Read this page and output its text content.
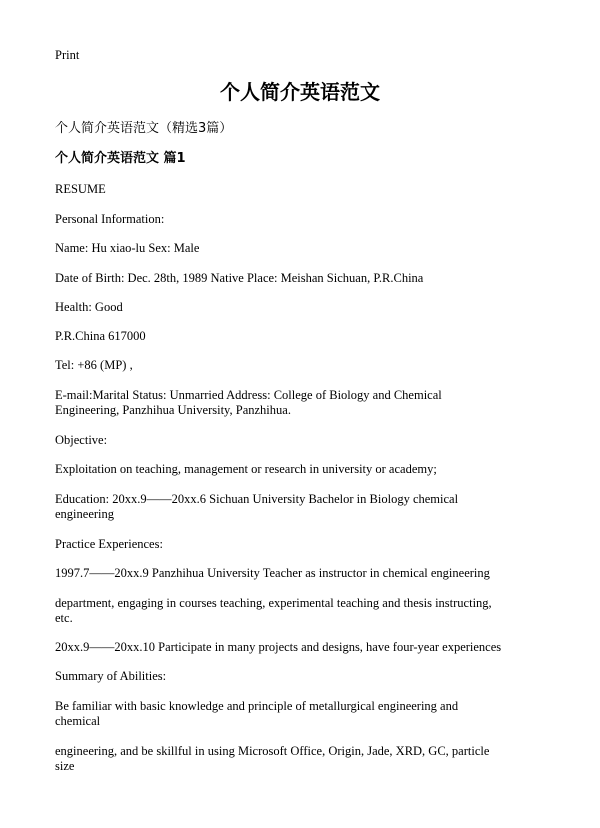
Print
个人简介英语范文
个人简介英语范文（精选3篇）
个人简介英语范文 篇1
RESUME
Personal Information:
Name: Hu xiao-lu Sex: Male
Date of Birth: Dec. 28th, 1989 Native Place: Meishan Sichuan, P.R.China
Health: Good
P.R.China 617000
Tel: +86 (MP) ,
E-mail:Marital Status: Unmarried Address: College of Biology and Chemical
Engineering, Panzhihua University, Panzhihua.
Objective:
Exploitation on teaching, management or research in university or academy;
Education: 20xx.9——20xx.6 Sichuan University Bachelor in Biology chemical
engineering
Practice Experiences:
1997.7——20xx.9 Panzhihua University Teacher as instructor in chemical engineering
department, engaging in courses teaching, experimental teaching and thesis instructing,
etc.
20xx.9——20xx.10 Participate in many projects and designs, have four-year experiences
Summary of Abilities:
Be familiar with basic knowledge and principle of metallurgical engineering and
chemical
engineering, and be skillful in using Microsoft Office, Origin, Jade, XRD, GC, particle
size
